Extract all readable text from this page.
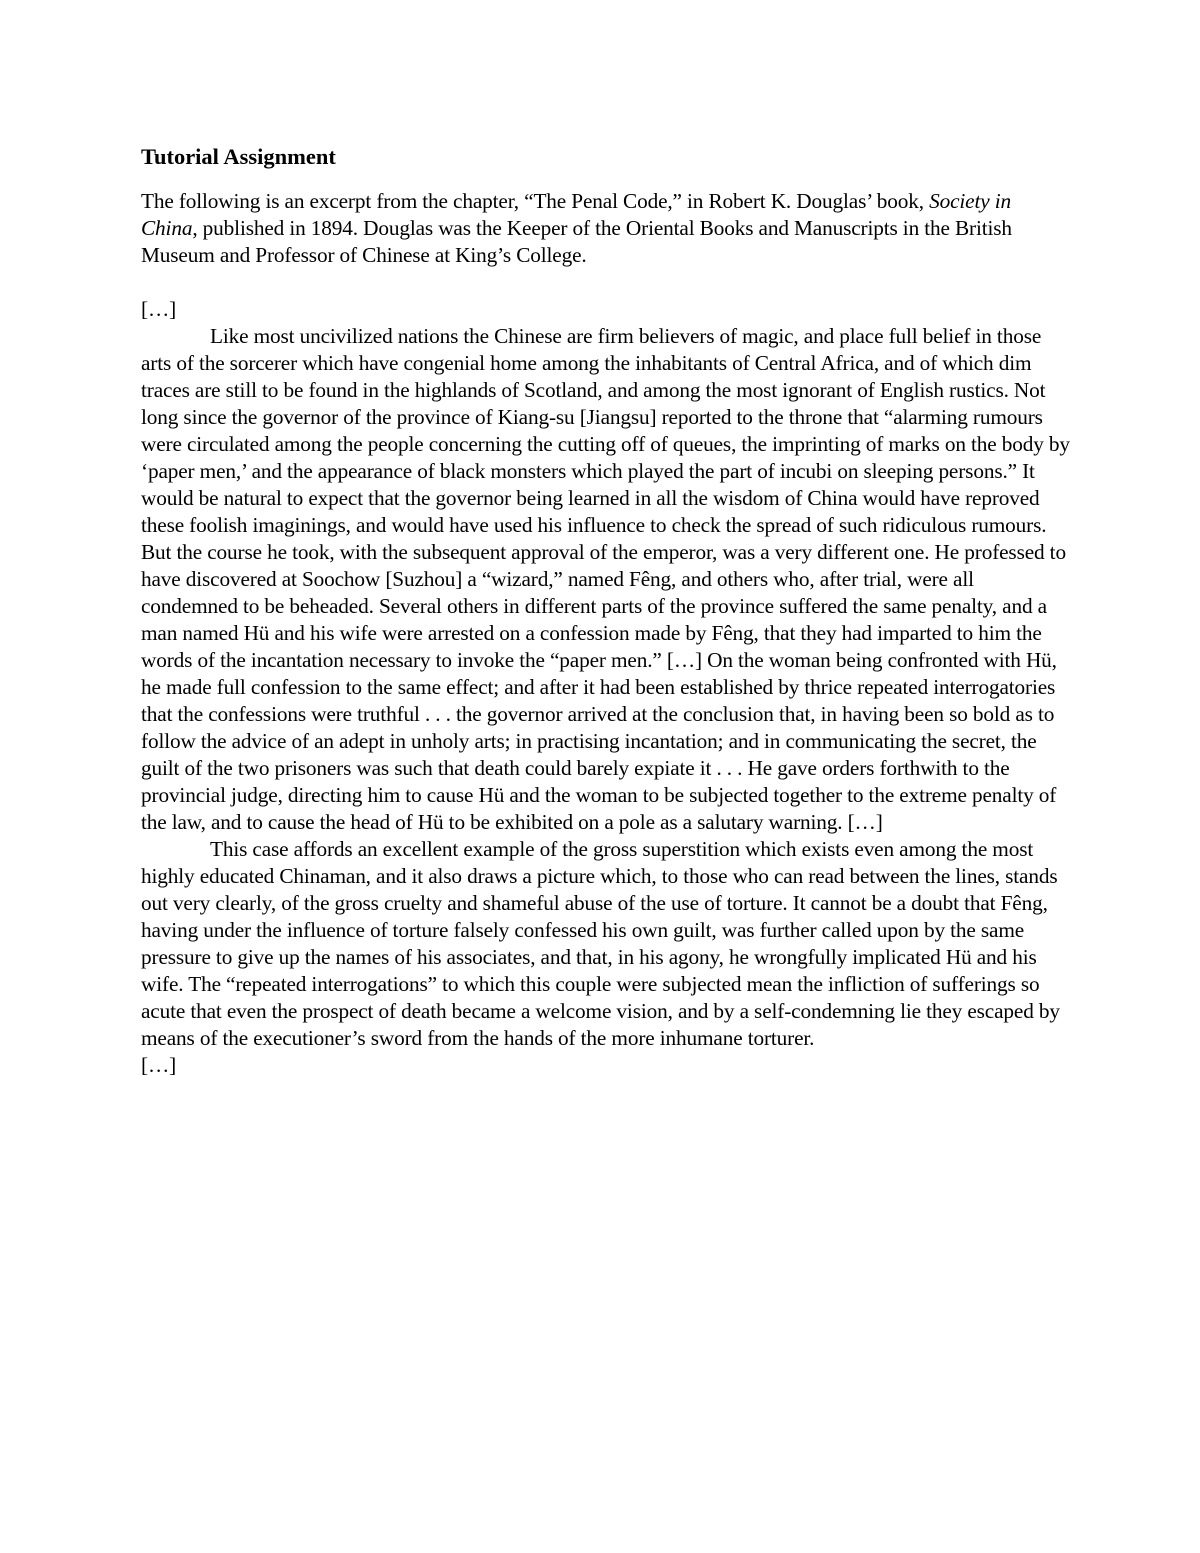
Tutorial Assignment

The following is an excerpt from the chapter, “The Penal Code,” in Robert K. Douglas’ book, Society in China, published in 1894. Douglas was the Keeper of the Oriental Books and Manuscripts in the British Museum and Professor of Chinese at King’s College.

[…]

Like most uncivilized nations the Chinese are firm believers of magic, and place full belief in those arts of the sorcerer which have congenial home among the inhabitants of Central Africa, and of which dim traces are still to be found in the highlands of Scotland, and among the most ignorant of English rustics. Not long since the governor of the province of Kiang-su [Jiangsu] reported to the throne that “alarming rumours were circulated among the people concerning the cutting off of queues, the imprinting of marks on the body by ‘paper men,’ and the appearance of black monsters which played the part of incubi on sleeping persons.” It would be natural to expect that the governor being learned in all the wisdom of China would have reproved these foolish imaginings, and would have used his influence to check the spread of such ridiculous rumours. But the course he took, with the subsequent approval of the emperor, was a very different one. He professed to have discovered at Soochow [Suzhou] a “wizard,” named Fêng, and others who, after trial, were all condemned to be beheaded. Several others in different parts of the province suffered the same penalty, and a man named Hü and his wife were arrested on a confession made by Fêng, that they had imparted to him the words of the incantation necessary to invoke the “paper men.” […] On the woman being confronted with Hü, he made full confession to the same effect; and after it had been established by thrice repeated interrogatories that the confessions were truthful . . . the governor arrived at the conclusion that, in having been so bold as to follow the advice of an adept in unholy arts; in practising incantation; and in communicating the secret, the guilt of the two prisoners was such that death could barely expiate it . . . He gave orders forthwith to the provincial judge, directing him to cause Hü and the woman to be subjected together to the extreme penalty of the law, and to cause the head of Hü to be exhibited on a pole as a salutary warning. […]

This case affords an excellent example of the gross superstition which exists even among the most highly educated Chinaman, and it also draws a picture which, to those who can read between the lines, stands out very clearly, of the gross cruelty and shameful abuse of the use of torture. It cannot be a doubt that Fêng, having under the influence of torture falsely confessed his own guilt, was further called upon by the same pressure to give up the names of his associates, and that, in his agony, he wrongfully implicated Hü and his wife. The “repeated interrogations” to which this couple were subjected mean the infliction of sufferings so acute that even the prospect of death became a welcome vision, and by a self-condemning lie they escaped by means of the executioner’s sword from the hands of the more inhumane torturer.

[…]
